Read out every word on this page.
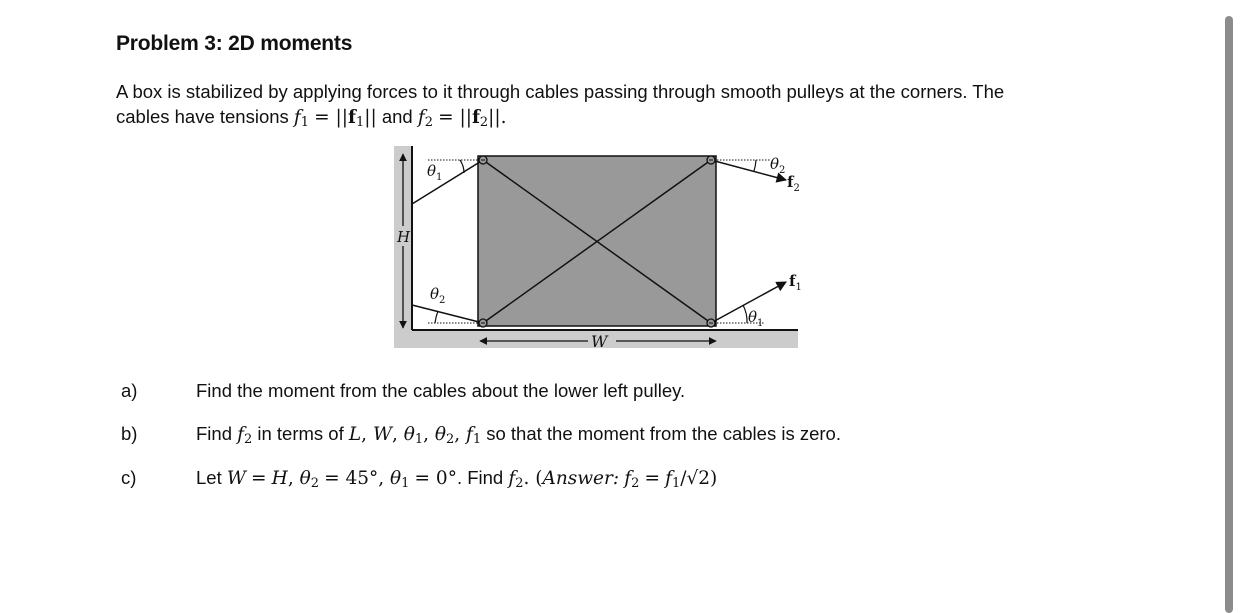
Problem 3: 2D moments
A box is stabilized by applying forces to it through cables passing through smooth pulleys at the corners. The
cables have tensions $f_1 = ||f_1||$ and $f_2 = ||f_2||$.
H
W
$\theta_1$
$\theta_2$
$\theta_2$
$\theta_1$
$f_2$
$f_1$
a)	Find the moment from the cables about the lower left pulley.
b)	Find $f_2$ in terms of L, W, $\theta_1$, $\theta_2$, $f_1$ so that the moment from the cables is zero.
c)	Let W = H, $\theta_2 = 45^\circ$, $\theta_1 = 0^\circ$. Find $f_2$. (Answer: $f_2 = f_1/√2$)
